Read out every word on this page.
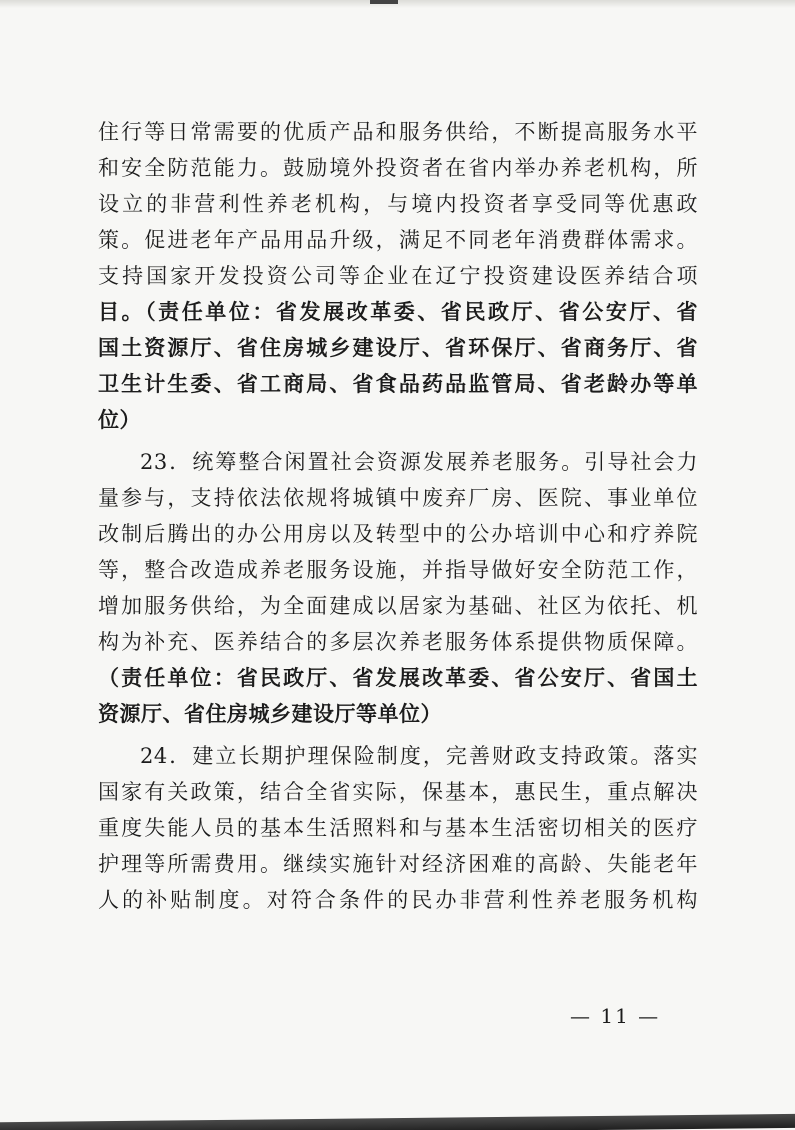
住行等日常需要的优质产品和服务供给，不断提高服务水平
和安全防范能力。鼓励境外投资者在省内举办养老机构，所
设立的非营利性养老机构，与境内投资者享受同等优惠政
策。促进老年产品用品升级，满足不同老年消费群体需求。
支持国家开发投资公司等企业在辽宁投资建设医养结合项
目。（责任单位：省发展改革委、省民政厅、省公安厅、省
国土资源厅、省住房城乡建设厅、省环保厅、省商务厅、省
卫生计生委、省工商局、省食品药品监管局、省老龄办等单
位）
23．统筹整合闲置社会资源发展养老服务。引导社会力
量参与，支持依法依规将城镇中废弃厂房、医院、事业单位
改制后腾出的办公用房以及转型中的公办培训中心和疗养院
等，整合改造成养老服务设施，并指导做好安全防范工作，
增加服务供给，为全面建成以居家为基础、社区为依托、机
构为补充、医养结合的多层次养老服务体系提供物质保障。
（责任单位：省民政厅、省发展改革委、省公安厅、省国土
资源厅、省住房城乡建设厅等单位）
24．建立长期护理保险制度，完善财政支持政策。落实
国家有关政策，结合全省实际，保基本，惠民生，重点解决
重度失能人员的基本生活照料和与基本生活密切相关的医疗
护理等所需费用。继续实施针对经济困难的高龄、失能老年
人的补贴制度。对符合条件的民办非营利性养老服务机构
— 11 —
